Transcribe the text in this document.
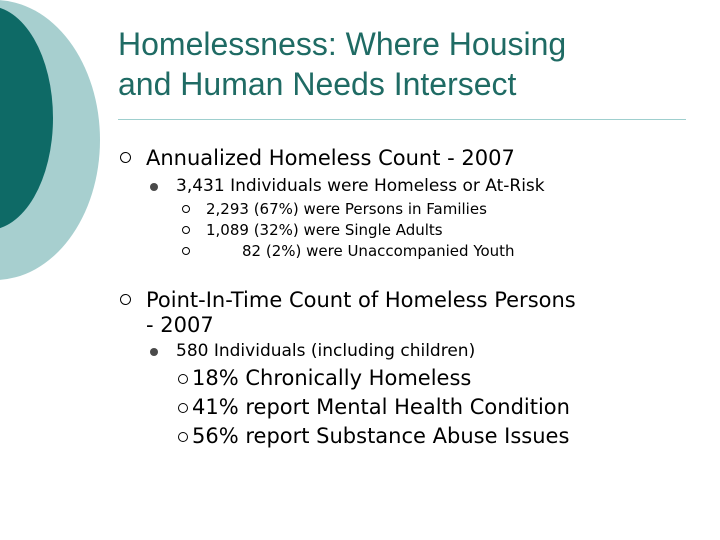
Homelessness: Where Housing
and Human Needs Intersect
Annualized Homeless Count - 2007
3,431 Individuals were Homeless or At-Risk
2,293 (67%) were Persons in Families
1,089 (32%) were Single Adults
82 (2%) were Unaccompanied Youth
Point-In-Time Count of Homeless Persons
- 2007
580 Individuals (including children)
18% Chronically Homeless
41% report Mental Health Condition
56% report Substance Abuse Issues
